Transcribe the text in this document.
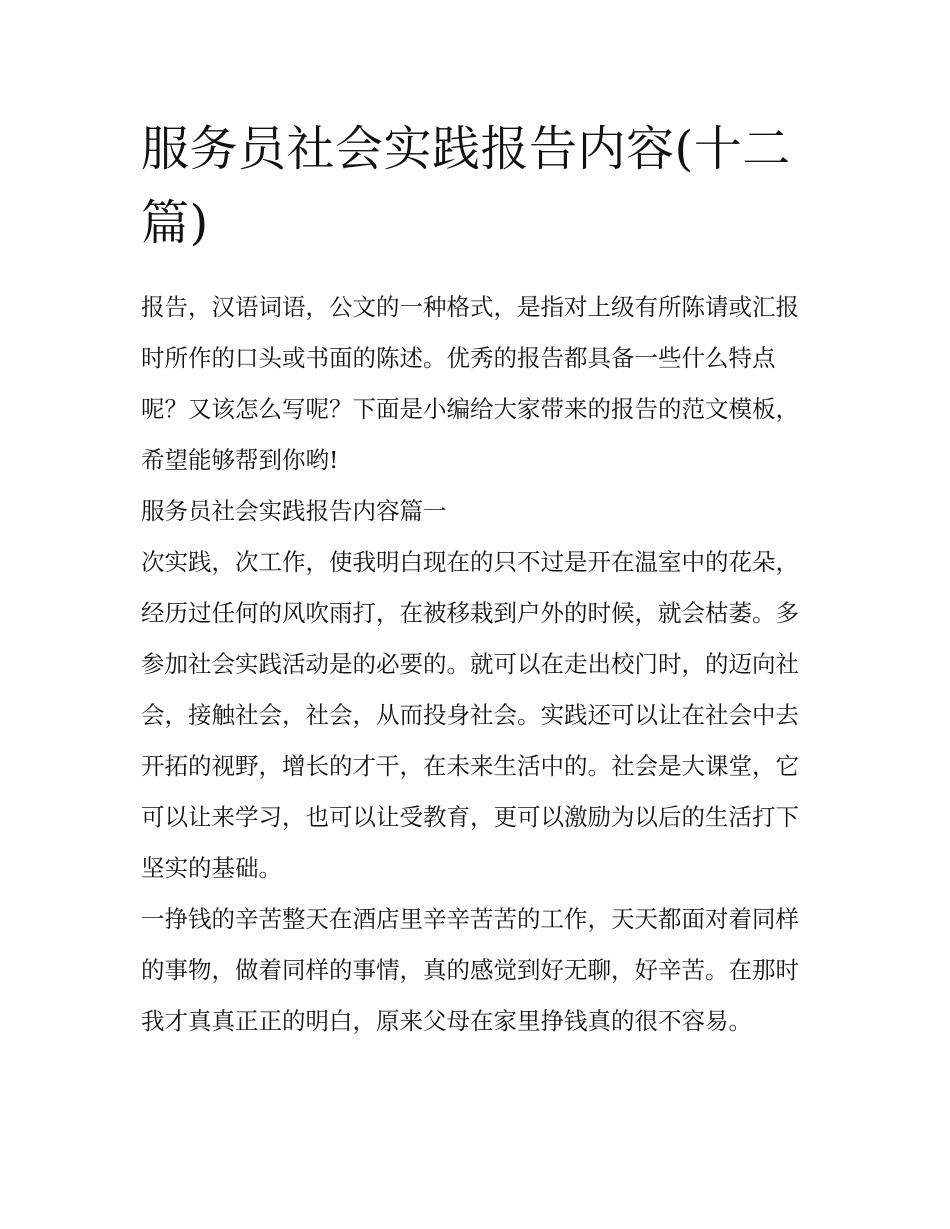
服务员社会实践报告内容(十二篇)

报告，汉语词语，公文的一种格式，是指对上级有所陈请或汇报时所作的口头或书面的陈述。优秀的报告都具备一些什么特点呢？又该怎么写呢？下面是小编给大家带来的报告的范文模板，希望能够帮到你哟!

服务员社会实践报告内容篇一

次实践，次工作，使我明白现在的只不过是开在温室中的花朵，经历过任何的风吹雨打，在被移栽到户外的时候，就会枯萎。多参加社会实践活动是的必要的。就可以在走出校门时，的迈向社会，接触社会，社会，从而投身社会。实践还可以让在社会中去开拓的视野，增长的才干，在未来生活中的。社会是大课堂，它可以让来学习，也可以让受教育，更可以激励为以后的生活打下坚实的基础。

一挣钱的辛苦整天在酒店里辛辛苦苦的工作，天天都面对着同样的事物，做着同样的事情，真的感觉到好无聊，好辛苦。在那时我才真真正正的明白，原来父母在家里挣钱真的很不容易。
